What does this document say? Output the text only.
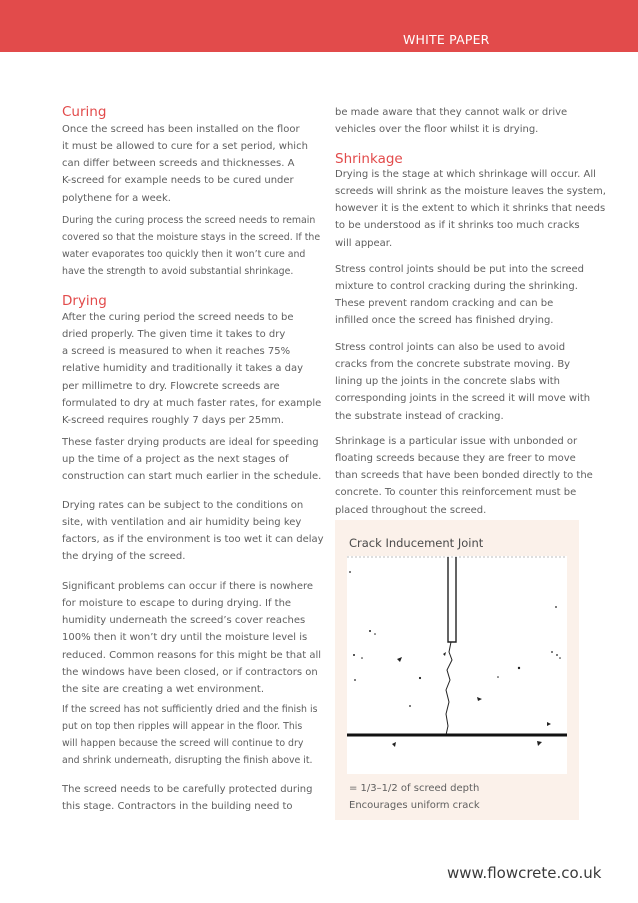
WHITE PAPER
Curing

Once the screed has been installed on the floor
it must be allowed to cure for a set period, which
can differ between screeds and thicknesses. A
K-screed for example needs to be cured under
polythene for a week.

During the curing process the screed needs to remain
covered so that the moisture stays in the screed. If the
water evaporates too quickly then it won’t cure and
have the strength to avoid substantial shrinkage.

Drying

After the curing period the screed needs to be
dried properly. The given time it takes to dry
a screed is measured to when it reaches 75%
relative humidity and traditionally it takes a day
per millimetre to dry. Flowcrete screeds are
formulated to dry at much faster rates, for example
K-screed requires roughly 7 days per 25mm.

These faster drying products are ideal for speeding
up the time of a project as the next stages of
construction can start much earlier in the schedule.

Drying rates can be subject to the conditions on
site, with ventilation and air humidity being key
factors, as if the environment is too wet it can delay
the drying of the screed.

Significant problems can occur if there is nowhere
for moisture to escape to during drying. If the
humidity underneath the screed’s cover reaches
100% then it won’t dry until the moisture level is
reduced. Common reasons for this might be that all
the windows have been closed, or if contractors on
the site are creating a wet environment.

If the screed has not sufficiently dried and the finish is
put on top then ripples will appear in the floor. This
will happen because the screed will continue to dry
and shrink underneath, disrupting the finish above it.

The screed needs to be carefully protected during
this stage. Contractors in the building need to

be made aware that they cannot walk or drive
vehicles over the floor whilst it is drying.

Shrinkage

Drying is the stage at which shrinkage will occur. All
screeds will shrink as the moisture leaves the system,
however it is the extent to which it shrinks that needs
to be understood as if it shrinks too much cracks
will appear.

Stress control joints should be put into the screed
mixture to control cracking during the shrinking.
These prevent random cracking and can be
infilled once the screed has finished drying.

Stress control joints can also be used to avoid
cracks from the concrete substrate moving. By
lining up the joints in the concrete slabs with
corresponding joints in the screed it will move with
the substrate instead of cracking.

Shrinkage is a particular issue with unbonded or
floating screeds because they are freer to move
than screeds that have been bonded directly to the
concrete. To counter this reinforcement must be
placed throughout the screed.

Crack Inducement Joint

= 1/3–1/2 of screed depth
Encourages uniform crack

www.flowcrete.co.uk
